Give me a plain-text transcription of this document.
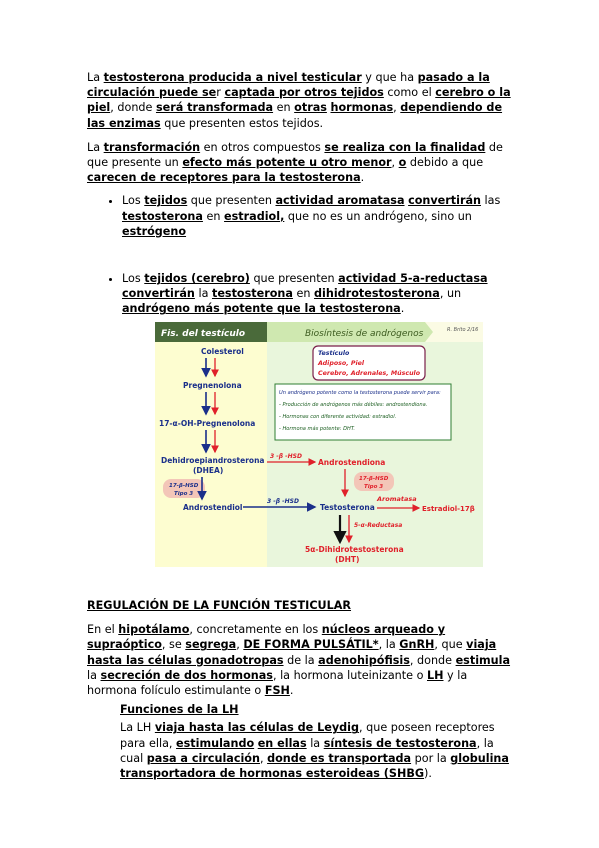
La testosterona producida a nivel testicular y que ha pasado a la circulación puede ser captada por otros tejidos como el cerebro o la piel, donde será transformada en otras hormonas, dependiendo de las enzimas que presenten estos tejidos.

La transformación en otros compuestos se realiza con la finalidad de que presente un efecto más potente u otro menor, o debido a que carecen de receptores para la testosterona.

• Los tejidos que presenten actividad aromatasa convertirán las testosterona en estradiol, que no es un andrógeno, sino un estrógeno
• Los tejidos (cerebro) que presenten actividad 5-a-reductasa convertirán la testosterona en dihidrotestosterona, un andrógeno más potente que la testosterona.
Fis. del testículo	Biosíntesis de andrógenos	R. Brito 2/16
Colesterol
Pregnenolona
17-α-OH-Pregnenolona
Dehidroepiandrosterona
(DHEA)
17-β-HSD
Tipo 3
3 -β -HSD
Androstendiona
Androstendiol
3 -β -HSD
17-β-HSD
Tipo 3
Testosterona
Aromatasa
Estradiol-17β
5-α-Reductasa
5α-Dihidrotestosterona
(DHT)
Testículo
Adiposo, Piel
Cerebro, Adrenales, Músculo
Un andrógeno potente como la testosterona puede servir para:
- Producción de andrógenos más débiles: androstendiona.
- Hormonas con diferente actividad: estradiol.
- Hormona más potente: DHT.
REGULACIÓN DE LA FUNCIÓN TESTICULAR

En el hipotálamo, concretamente en los núcleos arqueado y supraóptico, se segrega, DE FORMA PULSÁTIL*, la GnRH, que viaja hasta las células gonadotropas de la adenohipófisis, donde estimula la secreción de dos hormonas, la hormona luteinizante o LH y la hormona folículo estimulante o FSH.

Funciones de la LH

La LH viaja hasta las células de Leydig, que poseen receptores para ella, estimulando en ellas la síntesis de testosterona, la cual pasa a circulación, donde es transportada por la globulina transportadora de hormonas esteroideas (SHBG).
